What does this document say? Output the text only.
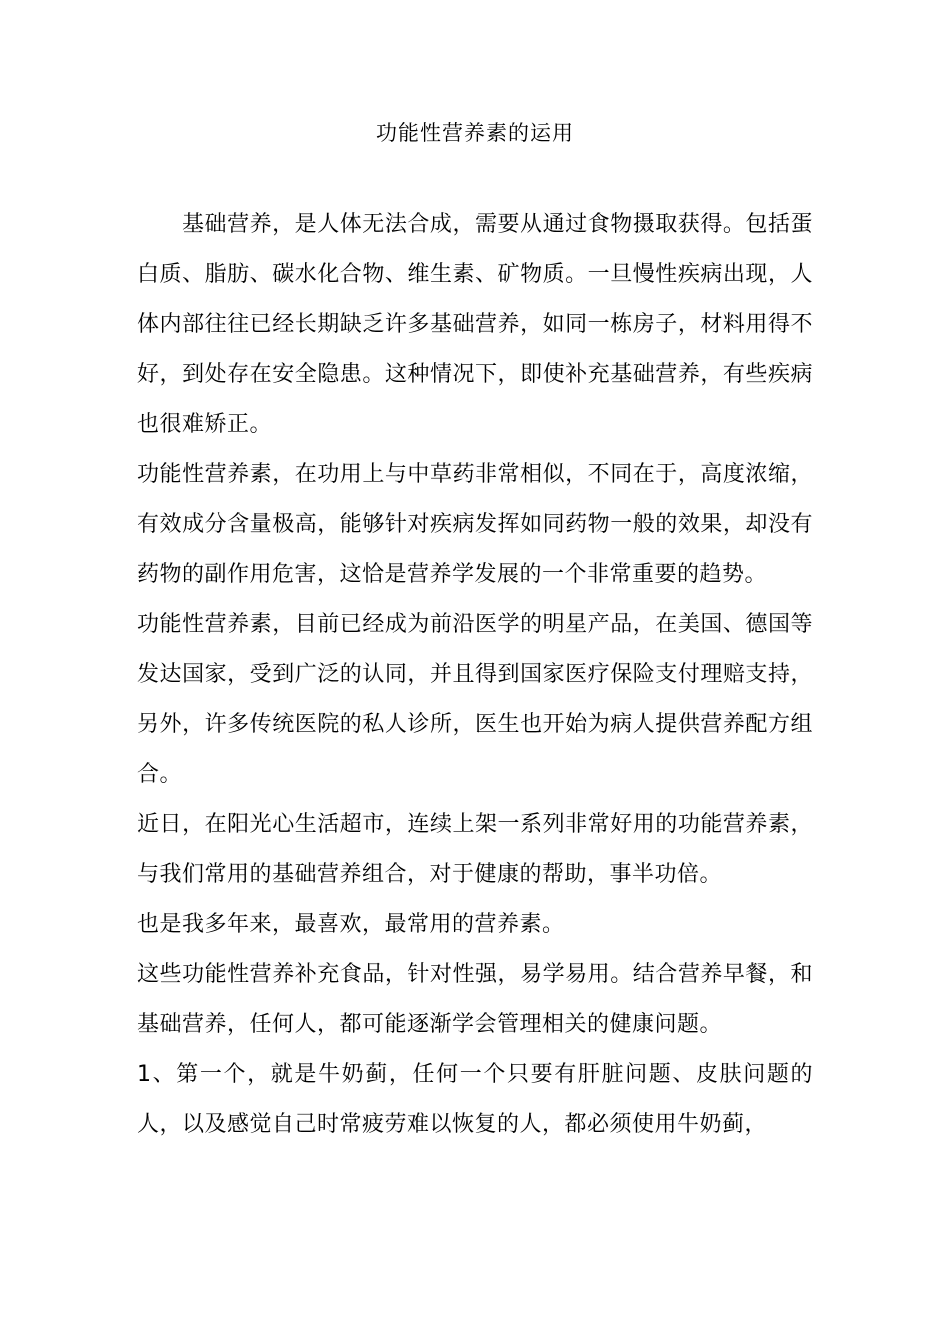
功能性营养素的运用

基础营养，是人体无法合成，需要从通过食物摄取获得。包括蛋白质、脂肪、碳水化合物、维生素、矿物质。一旦慢性疾病出现，人体内部往往已经长期缺乏许多基础营养，如同一栋房子，材料用得不好，到处存在安全隐患。这种情况下，即使补充基础营养，有些疾病也很难矫正。

功能性营养素，在功用上与中草药非常相似，不同在于，高度浓缩，有效成分含量极高，能够针对疾病发挥如同药物一般的效果，却没有药物的副作用危害，这恰是营养学发展的一个非常重要的趋势。

功能性营养素，目前已经成为前沿医学的明星产品，在美国、德国等发达国家，受到广泛的认同，并且得到国家医疗保险支付理赔支持，另外，许多传统医院的私人诊所，医生也开始为病人提供营养配方组合。

近日，在阳光心生活超市，连续上架一系列非常好用的功能营养素，与我们常用的基础营养组合，对于健康的帮助，事半功倍。

也是我多年来，最喜欢，最常用的营养素。

这些功能性营养补充食品，针对性强，易学易用。结合营养早餐，和基础营养，任何人，都可能逐渐学会管理相关的健康问题。

1、第一个，就是牛奶蓟，任何一个只要有肝脏问题、皮肤问题的人，以及感觉自己时常疲劳难以恢复的人，都必须使用牛奶蓟，
